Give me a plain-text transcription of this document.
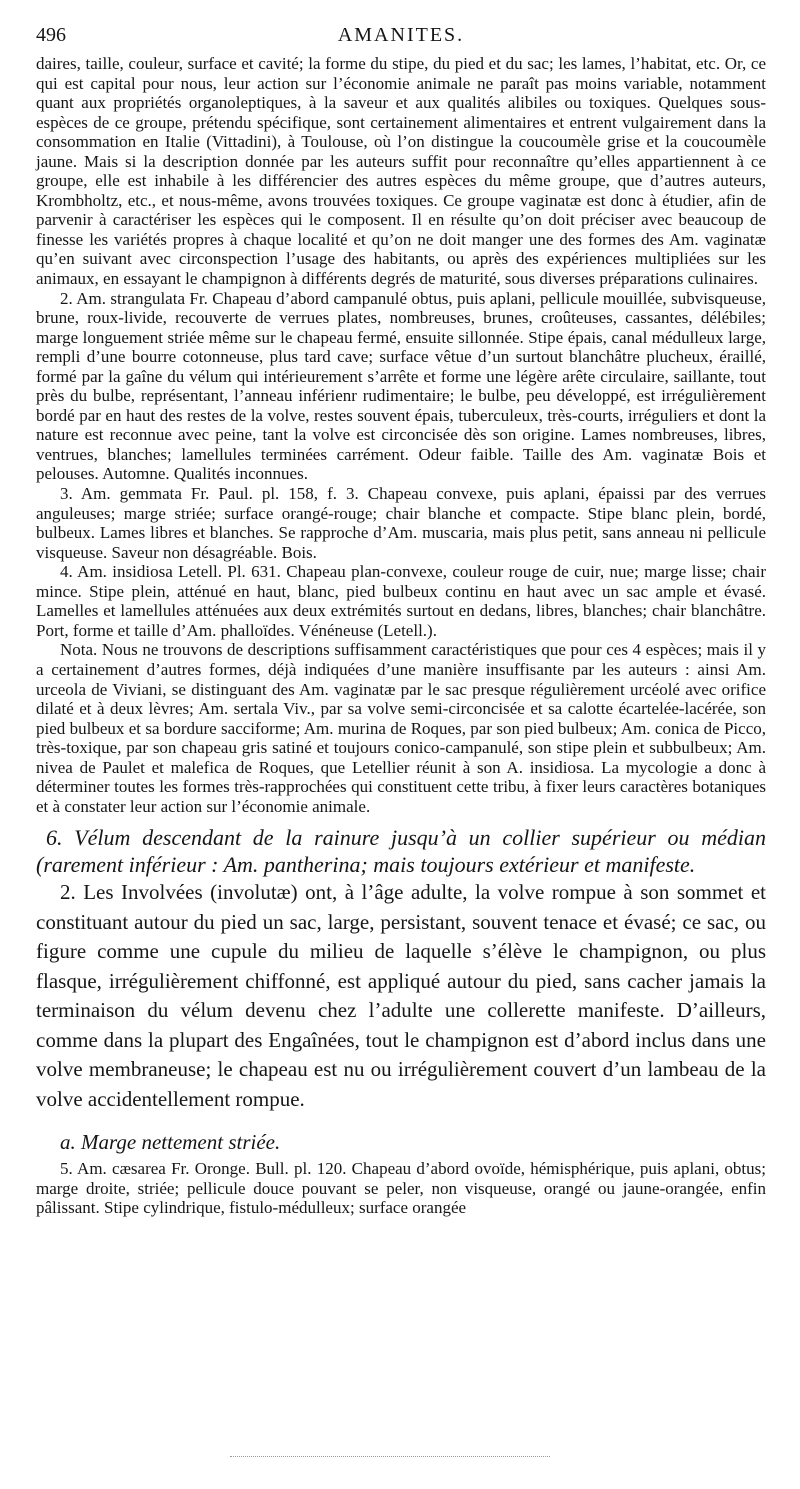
496	AMANITES.

daires, taille, couleur, surface et cavité; la forme du stipe, du pied et du sac; les lames, l’habitat, etc. Or, ce qui est capital pour nous, leur action sur l’économie animale ne paraît pas moins variable, notamment quant aux propriétés organoleptiques, à la saveur et aux qualités alibiles ou toxiques. Quelques sous-espèces de ce groupe, prétendu spécifique, sont certainement alimentaires et entrent vulgairement dans la consommation en Italie (Vittadini), à Toulouse, où l’on distingue la coucoumèle grise et la coucoumèle jaune. Mais si la description donnée par les auteurs suffit pour reconnaître qu’elles appartiennent à ce groupe, elle est inhabile à les différencier des autres espèces du même groupe, que d’autres auteurs, Krombholtz, etc., et nous-même, avons trouvées toxiques. Ce groupe vaginatæ est donc à étudier, afin de parvenir à caractériser les espèces qui le composent. Il en résulte qu’on doit préciser avec beaucoup de finesse les variétés propres à chaque localité et qu’on ne doit manger une des formes des Am. vaginatæ qu’en suivant avec circonspection l’usage des habitants, ou après des expériences multipliées sur les animaux, en essayant le champignon à différents degrés de maturité, sous diverses préparations culinaires.

2. Am. strangulata Fr. Chapeau d’abord campanulé obtus, puis aplani, pellicule mouillée, subvisqueuse, brune, roux-livide, recouverte de verrues plates, nombreuses, brunes, croûteuses, cassantes, délébiles; marge longuement striée même sur le chapeau fermé, ensuite sillonnée. Stipe épais, canal médulleux large, rempli d’une bourre cotonneuse, plus tard cave; surface vêtue d’un surtout blanchâtre plucheux, éraillé, formé par la gaîne du vélum qui intérieurement s’arrête et forme une légère arête circulaire, saillante, tout près du bulbe, représentant, l’anneau inférienr rudimentaire; le bulbe, peu développé, est irrégulièrement bordé par en haut des restes de la volve, restes souvent épais, tuberculeux, très-courts, irréguliers et dont la nature est reconnue avec peine, tant la volve est circoncisée dès son origine. Lames nombreuses, libres, ventrues, blanches; lamellules terminées carrément. Odeur faible. Taille des Am. vaginatæ Bois et pelouses. Automne. Qualités inconnues.

3. Am. gemmata Fr. Paul. pl. 158, f. 3. Chapeau convexe, puis aplani, épaissi par des verrues anguleuses; marge striée; surface orangé-rouge; chair blanche et compacte. Stipe blanc plein, bordé, bulbeux. Lames libres et blanches. Se rapproche d’Am. muscaria, mais plus petit, sans anneau ni pellicule visqueuse. Saveur non désagréable. Bois.

4. Am. insidiosa Letell. Pl. 631. Chapeau plan-convexe, couleur rouge de cuir, nue; marge lisse; chair mince. Stipe plein, atténué en haut, blanc, pied bulbeux continu en haut avec un sac ample et évasé. Lamelles et lamellules atténuées aux deux extrémités surtout en dedans, libres, blanches; chair blanchâtre. Port, forme et taille d’Am. phalloïdes. Vénéneuse (Letell.).

Nota. Nous ne trouvons de descriptions suffisamment caractéristiques que pour ces 4 espèces; mais il y a certainement d’autres formes, déjà indiquées d’une manière insuffisante par les auteurs : ainsi Am. urceola de Viviani, se distinguant des Am. vaginatæ par le sac presque régulièrement urcéolé avec orifice dilaté et à deux lèvres; Am. sertala Viv., par sa volve semi-circoncisée et sa calotte écartelée-lacérée, son pied bulbeux et sa bordure sacciforme; Am. murina de Roques, par son pied bulbeux; Am. conica de Picco, très-toxique, par son chapeau gris satiné et toujours conico-campanulé, son stipe plein et subbulbeux; Am. nivea de Paulet et malefica de Roques, que Letellier réunit à son A. insidiosa. La mycologie a donc à déterminer toutes les formes très-rapprochées qui constituent cette tribu, à fixer leurs caractères botaniques et à constater leur action sur l’économie animale.

6. Vélum descendant de la rainure jusqu’à un collier supérieur ou médian (rarement inférieur : Am. pantherina; mais toujours extérieur et manifeste.

2. Les Involvées (involutæ) ont, à l’âge adulte, la volve rompue à son sommet et constituant autour du pied un sac, large, persistant, souvent tenace et évasé; ce sac, ou figure comme une cupule du milieu de laquelle s’élève le champignon, ou plus flasque, irrégulièrement chiffonné, est appliqué autour du pied, sans cacher jamais la terminaison du vélum devenu chez l’adulte une collerette manifeste. D’ailleurs, comme dans la plupart des Engaînées, tout le champignon est d’abord inclus dans une volve membraneuse; le chapeau est nu ou irrégulièrement couvert d’un lambeau de la volve accidentellement rompue.

a. Marge nettement striée.

5. Am. cæsarea Fr. Oronge. Bull. pl. 120. Chapeau d’abord ovoïde, hémisphérique, puis aplani, obtus; marge droite, striée; pellicule douce pouvant se peler, non visqueuse, orangé ou jaune-orangée, enfin pâlissant. Stipe cylindrique, fistulo-médulleux; surface orangée
